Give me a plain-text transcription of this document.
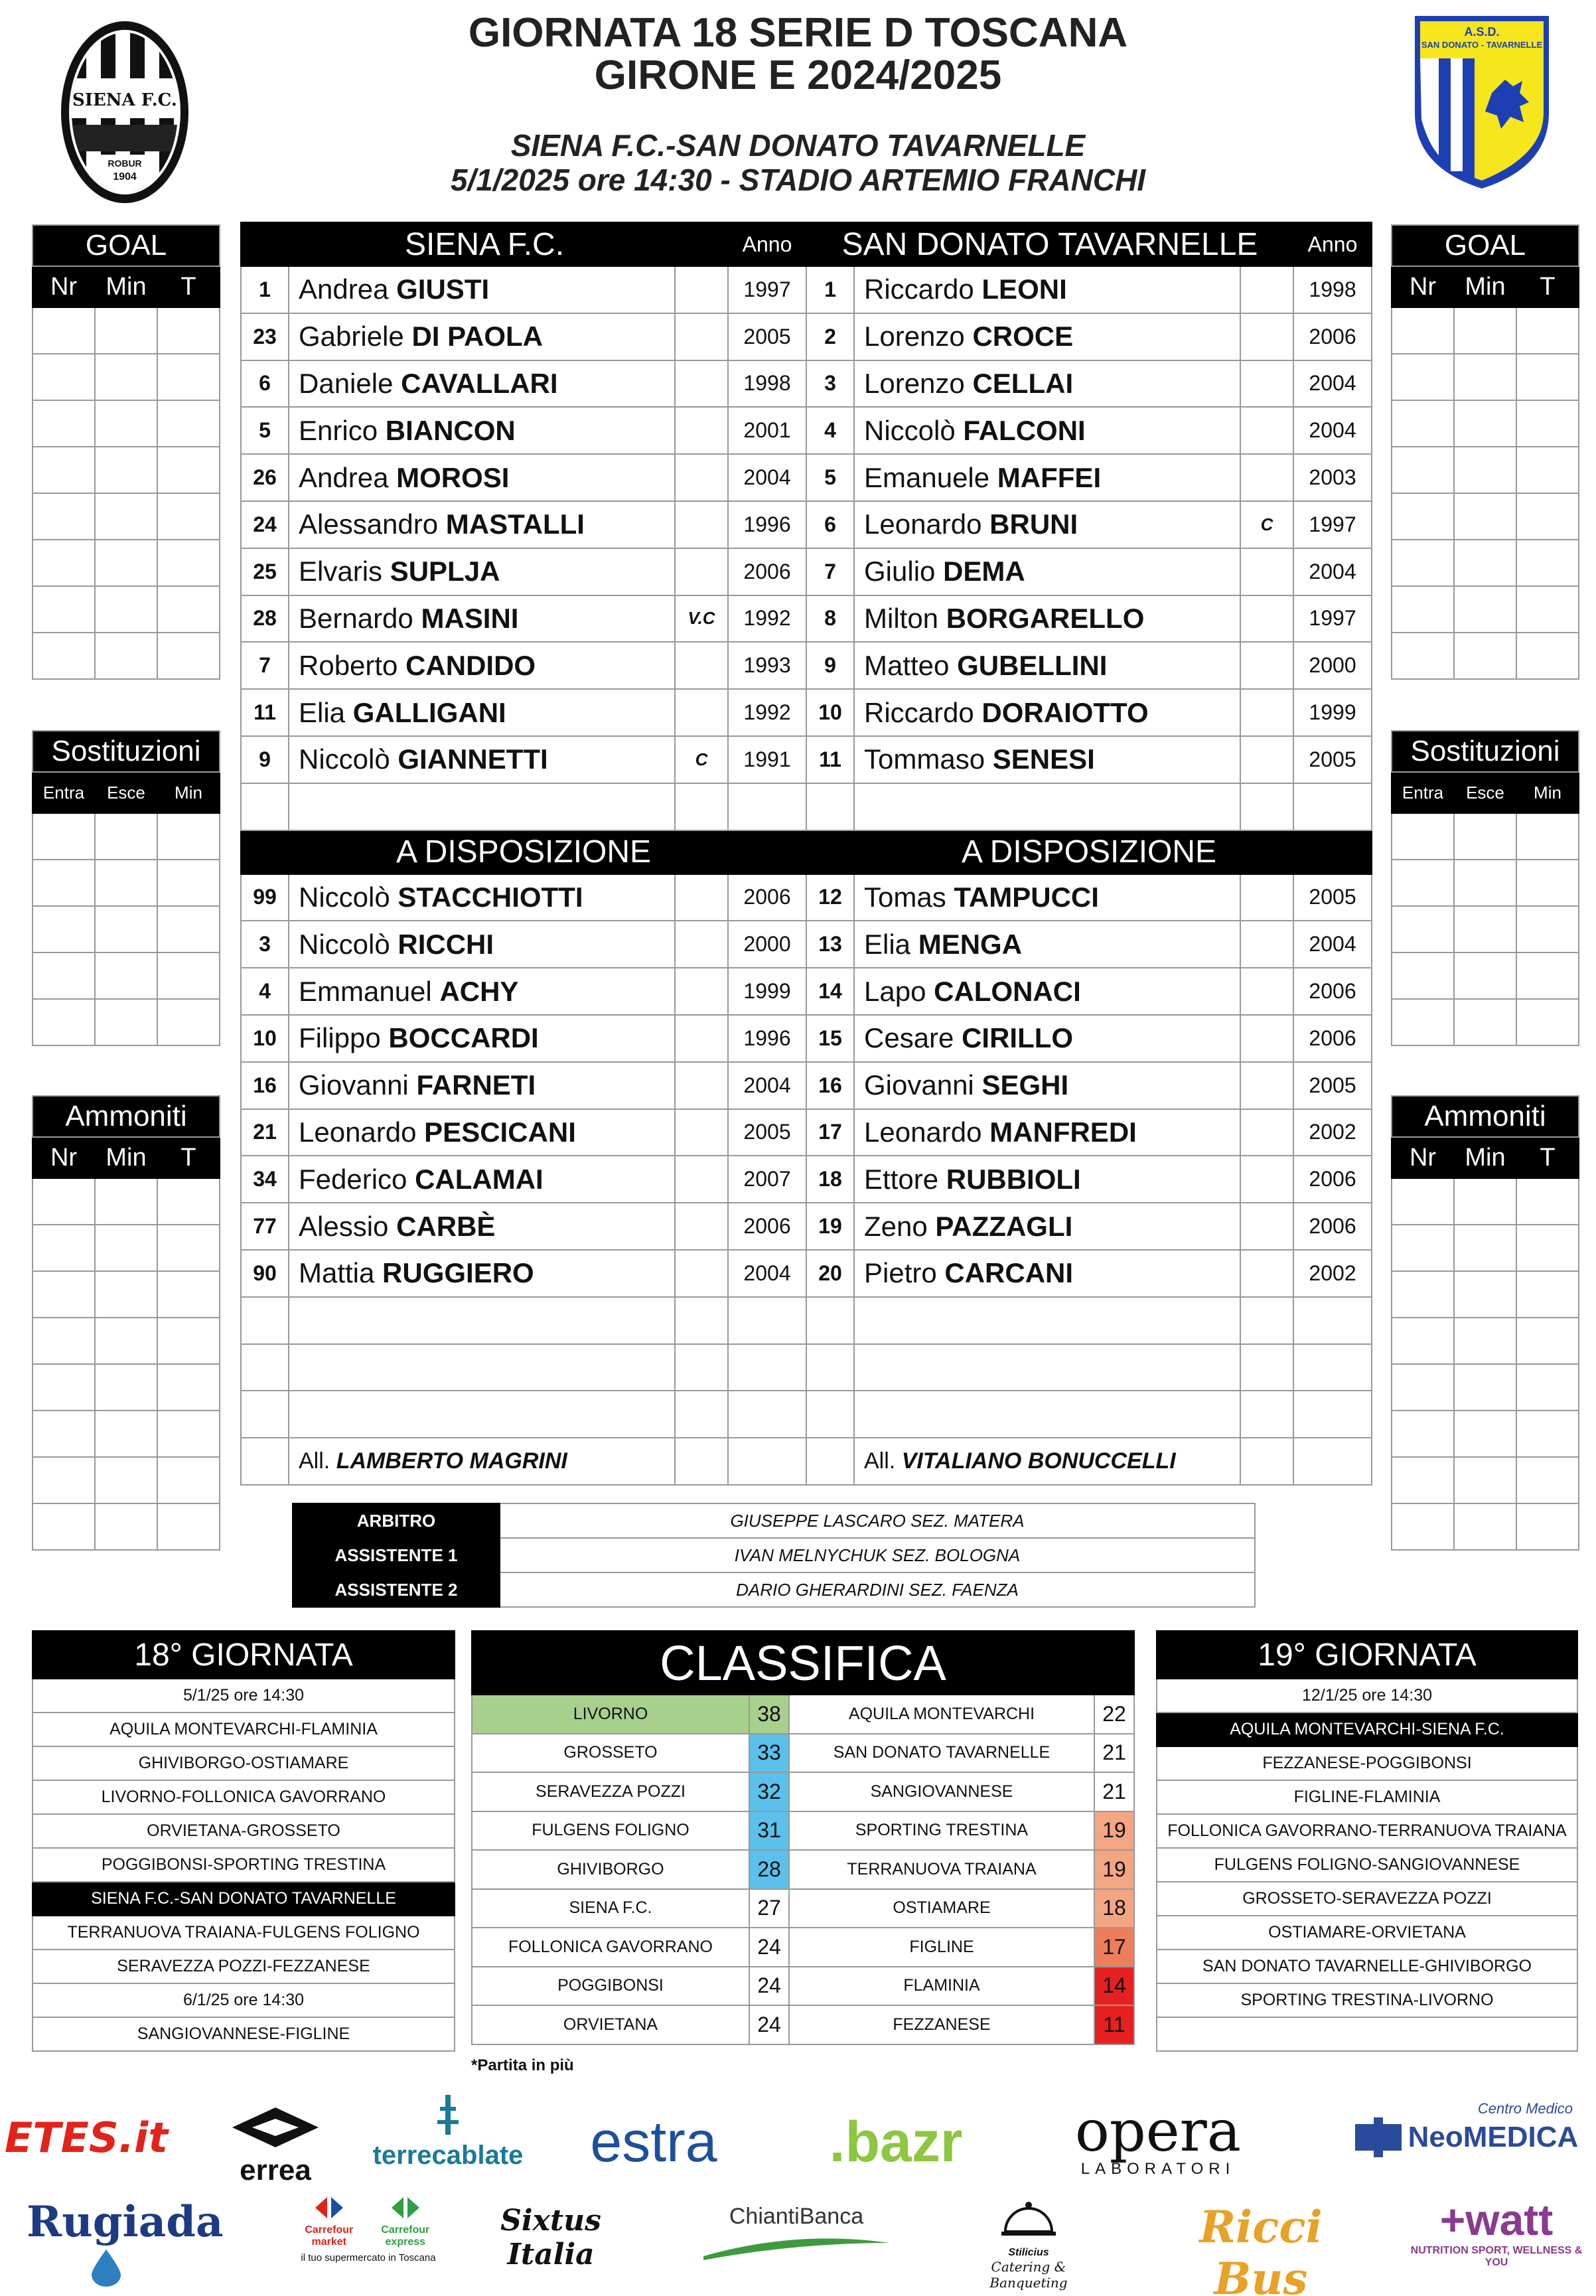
GIORNATA 18 SERIE D TOSCANA
GIRONE E 2024/2025
SIENA F.C.-SAN DONATO TAVARNELLE
5/1/2025 ore 14:30 - STADIO ARTEMIO FRANCHI
SIENA F.C.
ROBUR
1904
A.S.D.
SAN DONATO - TAVARNELLE
GOAL		
Nr	Min	T

Sostituzioni		
Entra	Esce	Min

Ammoniti		
Nr	Min	T

GOAL		
Nr	Min	T

Sostituzioni		
Entra	Esce	Min

Ammoniti		
Nr	Min	T

SIENA F.C.			Anno
1	Andrea GIUSTI		1997
23	Gabriele DI PAOLA		2005
6	Daniele CAVALLARI		1998
5	Enrico BIANCON		2001
26	Andrea MOROSI		2004
24	Alessandro MASTALLI		1996
25	Elvaris SUPLJA		2006
28	Bernardo MASINI	V.C	1992
7	Roberto CANDIDO		1993
11	Elia GALLIGANI		1992
9	Niccolò GIANNETTI	C	1991

A DISPOSIZIONE			
99	Niccolò STACCHIOTTI		2006
3	Niccolò RICCHI		2000
4	Emmanuel ACHY		1999
10	Filippo BOCCARDI		1996
16	Giovanni FARNETI		2004
21	Leonardo PESCICANI		2005
34	Federico CALAMAI		2007
77	Alessio CARBÈ		2006
90	Mattia RUGGIERO		2004

	All. LAMBERTO MAGRINI		
SAN DONATO TAVARNELLE			Anno
1	Riccardo LEONI		1998
2	Lorenzo CROCE		2006
3	Lorenzo CELLAI		2004
4	Niccolò FALCONI		2004
5	Emanuele MAFFEI		2003
6	Leonardo BRUNI	C	1997
7	Giulio DEMA		2004
8	Milton BORGARELLO		1997
9	Matteo GUBELLINI		2000
10	Riccardo DORAIOTTO		1999
11	Tommaso SENESI		2005

A DISPOSIZIONE			
12	Tomas TAMPUCCI		2005
13	Elia MENGA		2004
14	Lapo CALONACI		2006
15	Cesare CIRILLO		2006
16	Giovanni SEGHI		2005
17	Leonardo MANFREDI		2002
18	Ettore RUBBIOLI		2006
19	Zeno PAZZAGLI		2006
20	Pietro CARCANI		2002

	All. VITALIANO BONUCCELLI		
ARBITRO	GIUSEPPE LASCARO SEZ. MATERA
ASSISTENTE 1	IVAN MELNYCHUK SEZ. BOLOGNA
ASSISTENTE 2	DARIO GHERARDINI SEZ. FAENZA
18° GIORNATA
5/1/25 ore 14:30
AQUILA MONTEVARCHI-FLAMINIA
GHIVIBORGO-OSTIAMARE
LIVORNO-FOLLONICA GAVORRANO
ORVIETANA-GROSSETO
POGGIBONSI-SPORTING TRESTINA
SIENA F.C.-SAN DONATO TAVARNELLE
TERRANUOVA TRAIANA-FULGENS FOLIGNO
SERAVEZZA POZZI-FEZZANESE
6/1/25 ore 14:30
SANGIOVANNESE-FIGLINE
19° GIORNATA
12/1/25 ore 14:30
AQUILA MONTEVARCHI-SIENA F.C.
FEZZANESE-POGGIBONSI
FIGLINE-FLAMINIA
FOLLONICA GAVORRANO-TERRANUOVA TRAIANA
FULGENS FOLIGNO-SANGIOVANNESE
GROSSETO-SERAVEZZA POZZI
OSTIAMARE-ORVIETANA
SAN DONATO TAVARNELLE-GHIVIBORGO
SPORTING TRESTINA-LIVORNO

CLASSIFICA			
LIVORNO	38	AQUILA MONTEVARCHI	22
GROSSETO	33	SAN DONATO TAVARNELLE	21
SERAVEZZA POZZI	32	SANGIOVANNESE	21
FULGENS FOLIGNO	31	SPORTING TRESTINA	19
GHIVIBORGO	28	TERRANUOVA TRAIANA	19
SIENA F.C.	27	OSTIAMARE	18
FOLLONICA GAVORRANO	24	FIGLINE	17
POGGIBONSI	24	FLAMINIA	14
ORVIETANA	24	FEZZANESE	11
*Partita in più
ETES.it
errea	terrecablate	estra	.bazr	opera
LABORATORI
Centro Medico
NeoMEDICA
Rugiada	Carrefour market
Carrefour express
il tuo supermercato in Toscana
Sixtus Italia
ChiantiBanca
Stilicius
Catering & Banqueting
Ricci Bus
+watt
NUTRITION SPORT, WELLNESS & YOU
